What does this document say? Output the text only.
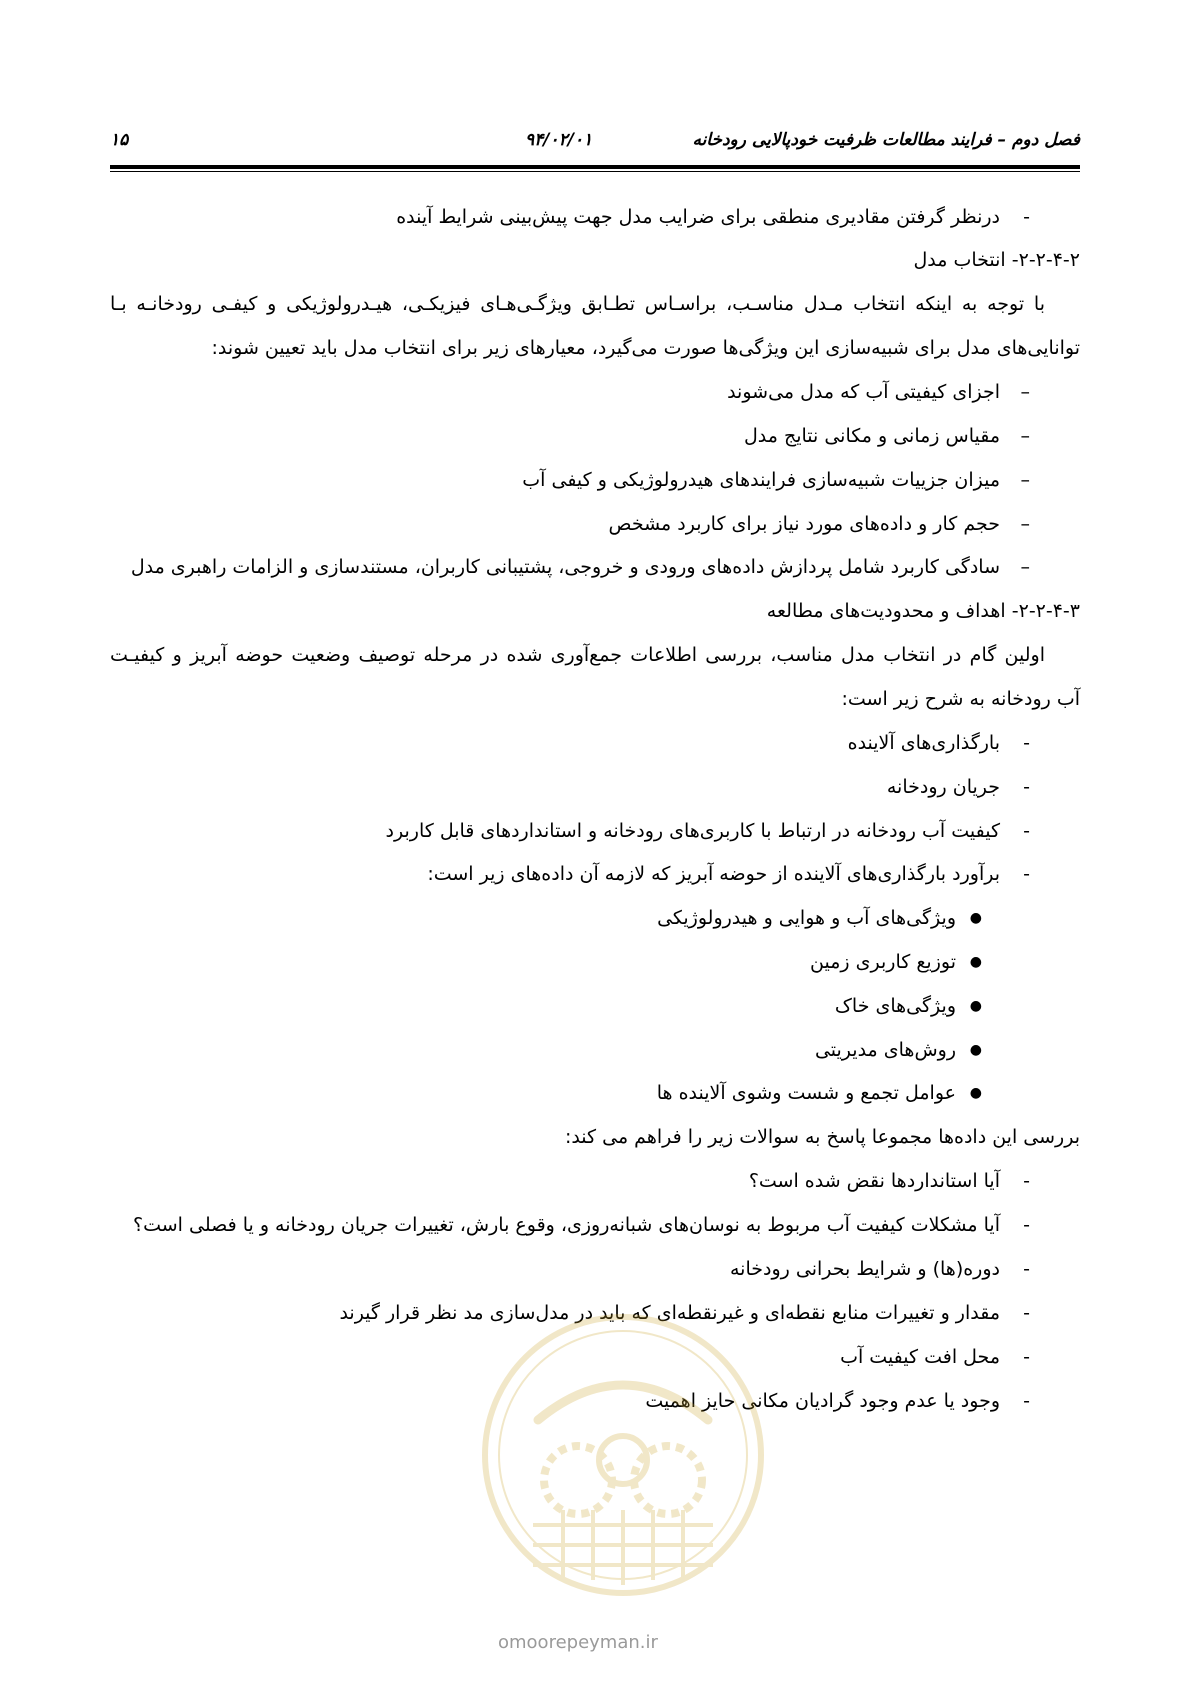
فصل دوم – فرایند مطالعات ظرفیت خودپالایی رودخانه
۹۴/۰۲/۰۱
۱۵
-درنظر گرفتن مقادیری منطقی برای ضرایب مدل جهت پیش‌بینی شرایط آینده
۲-۲-۴-۲- انتخاب مدل
با توجه به اینکه انتخاب مـدل مناسـب، براسـاس تطـابق ویژگـی‌هـای فیزیکـی، هیـدرولوژیکی و کیفـی رودخانـه بـا
توانایی‌های مدل برای شبیه‌سازی این ویژگی‌ها صورت می‌گیرد، معیارهای زیر برای انتخاب مدل باید تعیین شوند:
–اجزای کیفیتی آب که مدل می‌شوند
–مقیاس زمانی و مکانی نتایج مدل
–میزان جزییات شبیه‌سازی فرایندهای هیدرولوژیکی و کیفی آب
–حجم کار و داده‌های مورد نیاز برای کاربرد مشخص
–سادگی کاربرد شامل پردازش داده‌های ورودی و خروجی، پشتیبانی کاربران، مستندسازی و الزامات راهبری مدل
۲-۲-۴-۳- اهداف و محدودیت‌های مطالعه
اولین گام در انتخاب مدل مناسب، بررسی اطلاعات جمع‌آوری شده در مرحله توصیف وضعیت حوضه آبریز و کیفیـت
آب رودخانه به شرح زیر است:
-بارگذاری‌های آلاینده
-جریان رودخانه
-کیفیت آب رودخانه در ارتباط با کاربری‌های رودخانه و استانداردهای قابل کاربرد
-برآورد بارگذاری‌های آلاینده از حوضه آبریز که لازمه آن داده‌های زیر است:
●ویژگی‌های آب و هوایی و هیدرولوژیکی
●توزیع کاربری زمین
●ویژگی‌های خاک
●روش‌های مدیریتی
●عوامل تجمع و شست وشوی آلاینده ها
بررسی این داده‌ها مجموعا پاسخ به سوالات زیر را فراهم می کند:
-آیا استانداردها نقض شده است؟
-آیا مشکلات کیفیت آب مربوط به نوسان‌های شبانه‌روزی، وقوع بارش، تغییرات جریان رودخانه و یا فصلی است؟
-دوره(ها) و شرایط بحرانی رودخانه
-مقدار و تغییرات منابع نقطه‌ای و غیرنقطه‌ای که باید در مدل‌سازی مد نظر قرار گیرند
-محل افت کیفیت آب
-وجود یا عدم وجود گرادیان مکانی حایز اهمیت
omoorepeyman.ir
